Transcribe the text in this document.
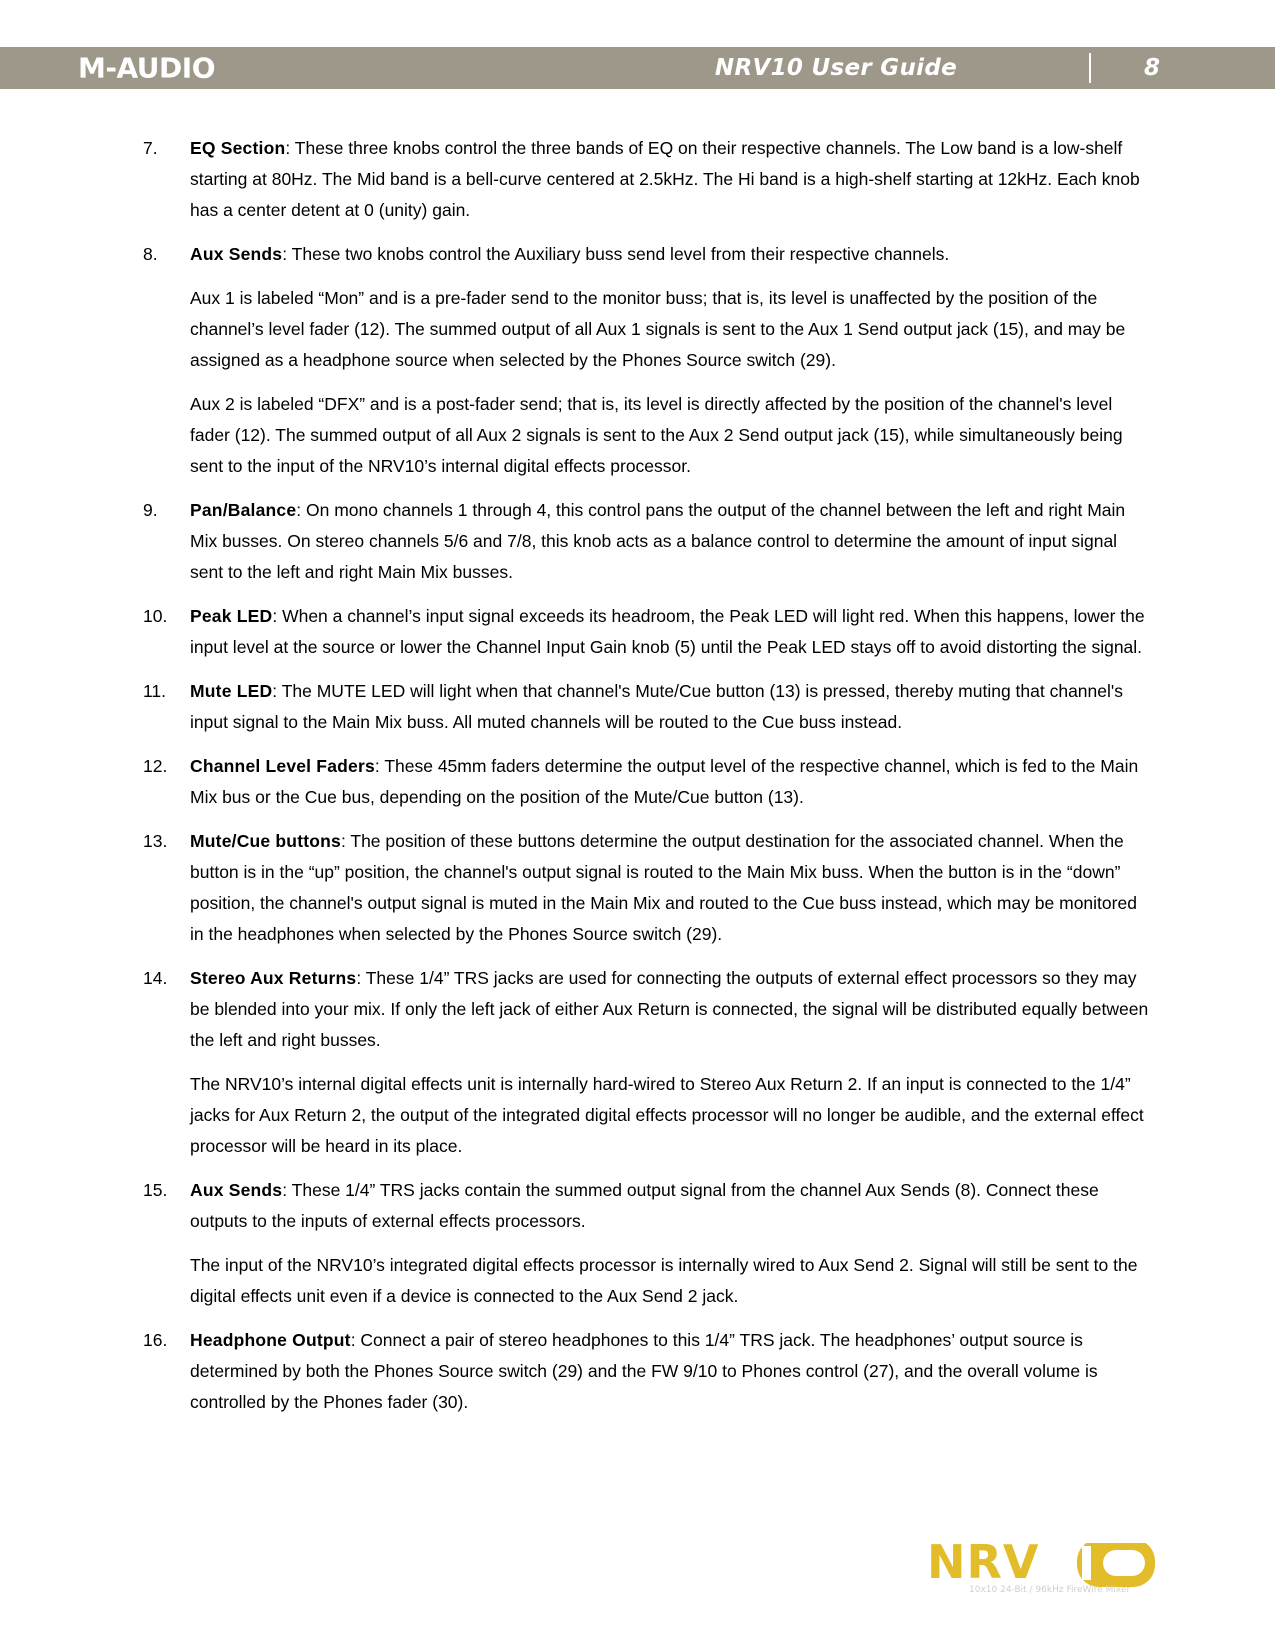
M-AUDIO	NRV10 User Guide	8
7.	EQ Section: These three knobs control the three bands of EQ on their respective channels. The Low band is a low-shelf starting at 80Hz. The Mid band is a bell-curve centered at 2.5kHz. The Hi band is a high-shelf starting at 12kHz. Each knob has a center detent at 0 (unity) gain.

8.	Aux Sends: These two knobs control the Auxiliary buss send level from their respective channels.

Aux 1 is labeled “Mon” and is a pre-fader send to the monitor buss; that is, its level is unaffected by the position of the channel’s level fader (12). The summed output of all Aux 1 signals is sent to the Aux 1 Send output jack (15), and may be assigned as a headphone source when selected by the Phones Source switch (29).

Aux 2 is labeled “DFX” and is a post-fader send; that is, its level is directly affected by the position of the channel's level fader (12). The summed output of all Aux 2 signals is sent to the Aux 2 Send output jack (15), while simultaneously being sent to the input of the NRV10’s internal digital effects processor.

9.	Pan/Balance: On mono channels 1 through 4, this control pans the output of the channel between the left and right Main Mix busses. On stereo channels 5/6 and 7/8, this knob acts as a balance control to determine the amount of input signal sent to the left and right Main Mix busses.

10.	Peak LED: When a channel’s input signal exceeds its headroom, the Peak LED will light red. When this happens, lower the input level at the source or lower the Channel Input Gain knob (5) until the Peak LED stays off to avoid distorting the signal.

11.	Mute LED: The MUTE LED will light when that channel's Mute/Cue button (13) is pressed, thereby muting that channel's input signal to the Main Mix buss. All muted channels will be routed to the Cue buss instead.

12.	Channel Level Faders: These 45mm faders determine the output level of the respective channel, which is fed to the Main Mix bus or the Cue bus, depending on the position of the Mute/Cue button (13).

13.	Mute/Cue buttons: The position of these buttons determine the output destination for the associated channel. When the button is in the “up” position, the channel's output signal is routed to the Main Mix buss. When the button is in the “down” position, the channel's output signal is muted in the Main Mix and routed to the Cue buss instead, which may be monitored in the headphones when selected by the Phones Source switch (29).

14.	Stereo Aux Returns: These 1/4” TRS jacks are used for connecting the outputs of external effect processors so they may be blended into your mix. If only the left jack of either Aux Return is connected, the signal will be distributed equally between the left and right busses.

The NRV10’s internal digital effects unit is internally hard-wired to Stereo Aux Return 2. If an input is connected to the 1/4” jacks for Aux Return 2, the output of the integrated digital effects processor will no longer be audible, and the external effect processor will be heard in its place.

15.	Aux Sends: These 1/4” TRS jacks contain the summed output signal from the channel Aux Sends (8). Connect these outputs to the inputs of external effects processors.

The input of the NRV10’s integrated digital effects processor is internally wired to Aux Send 2. Signal will still be sent to the digital effects unit even if a device is connected to the Aux Send 2 jack.

16.	Headphone Output: Connect a pair of stereo headphones to this 1/4” TRS jack. The headphones’ output source is determined by both the Phones Source switch (29) and the FW 9/10 to Phones control (27), and the overall volume is controlled by the Phones fader (30).

NRV
10x10 24-Bit / 96kHz FireWire Mixer
